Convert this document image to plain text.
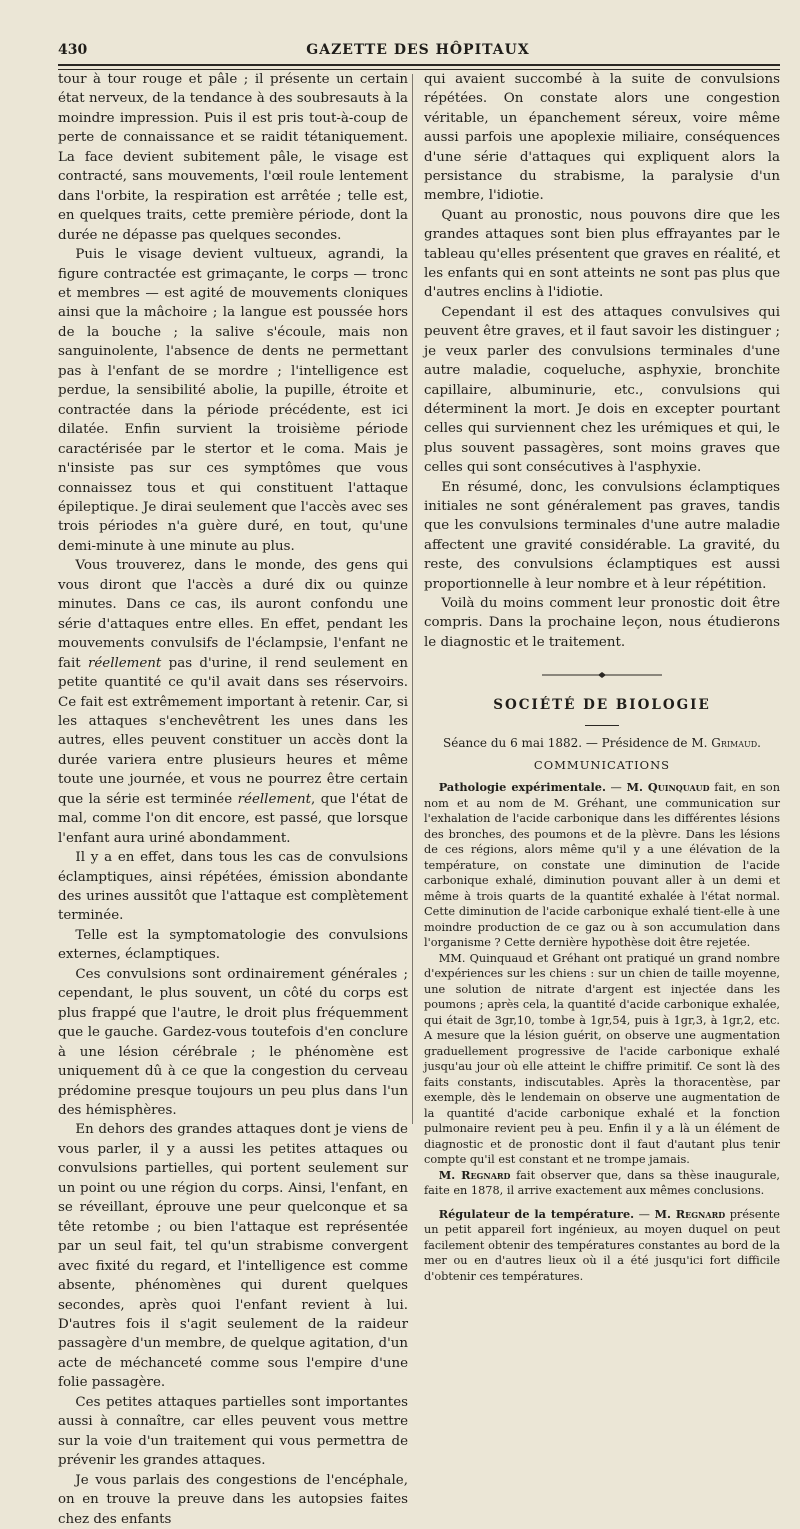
430	GAZETTE DES HÔPITAUX

tour à tour rouge et pâle ; il présente un certain état nerveux, de la tendance à des soubresauts à la moindre impression. Puis il est pris tout-à-coup de perte de connaissance et se raidit tétaniquement. La face devient subitement pâle, le visage est contracté, sans mouvements, l'œil roule lentement dans l'orbite, la respiration est arrêtée ; telle est, en quelques traits, cette première période, dont la durée ne dépasse pas quelques secondes.

Puis le visage devient vultueux, agrandi, la figure contractée est grimaçante, le corps — tronc et membres — est agité de mouvements cloniques ainsi que la mâchoire ; la langue est poussée hors de la bouche ; la salive s'écoule, mais non sanguinolente, l'absence de dents ne permettant pas à l'enfant de se mordre ; l'intelligence est perdue, la sensibilité abolie, la pupille, étroite et contractée dans la période précédente, est ici dilatée. Enfin survient la troisième période caractérisée par le stertor et le coma. Mais je n'insiste pas sur ces symptômes que vous connaissez tous et qui constituent l'attaque épileptique. Je dirai seulement que l'accès avec ses trois périodes n'a guère duré, en tout, qu'une demi-minute à une minute au plus.

Vous trouverez, dans le monde, des gens qui vous diront que l'accès a duré dix ou quinze minutes. Dans ce cas, ils auront confondu une série d'attaques entre elles. En effet, pendant les mouvements convulsifs de l'éclampsie, l'enfant ne fait réellement pas d'urine, il rend seulement en petite quantité ce qu'il avait dans ses réservoirs. Ce fait est extrêmement important à retenir. Car, si les attaques s'enchevêtrent les unes dans les autres, elles peuvent constituer un accès dont la durée variera entre plusieurs heures et même toute une journée, et vous ne pourrez être certain que la série est terminée réellement, que l'état de mal, comme l'on dit encore, est passé, que lorsque l'enfant aura uriné abondamment.

Il y a en effet, dans tous les cas de convulsions éclamptiques, ainsi répétées, émission abondante des urines aussitôt que l'attaque est complètement terminée.

Telle est la symptomatologie des convulsions externes, éclamptiques.

Ces convulsions sont ordinairement générales ; cependant, le plus souvent, un côté du corps est plus frappé que l'autre, le droit plus fréquemment que le gauche. Gardez-vous toutefois d'en conclure à une lésion cérébrale ; le phénomène est uniquement dû à ce que la congestion du cerveau prédomine presque toujours un peu plus dans l'un des hémisphères.

En dehors des grandes attaques dont je viens de vous parler, il y a aussi les petites attaques ou convulsions partielles, qui portent seulement sur un point ou une région du corps. Ainsi, l'enfant, en se réveillant, éprouve une peur quelconque et sa tête retombe ; ou bien l'attaque est représentée par un seul fait, tel qu'un strabisme convergent avec fixité du regard, et l'intelligence est comme absente, phénomènes qui durent quelques secondes, après quoi l'enfant revient à lui. D'autres fois il s'agit seulement de la raideur passagère d'un membre, de quelque agitation, d'un acte de méchanceté comme sous l'empire d'une folie passagère.

Ces petites attaques partielles sont importantes aussi à connaître, car elles peuvent vous mettre sur la voie d'un traitement qui vous permettra de prévenir les grandes attaques.

Je vous parlais des congestions de l'encéphale, on en trouve la preuve dans les autopsies faites chez des enfants

qui avaient succombé à la suite de convulsions répétées. On constate alors une congestion véritable, un épanchement séreux, voire même aussi parfois une apoplexie miliaire, conséquences d'une série d'attaques qui expliquent alors la persistance du strabisme, la paralysie d'un membre, l'idiotie.

Quant au pronostic, nous pouvons dire que les grandes attaques sont bien plus effrayantes par le tableau qu'elles présentent que graves en réalité, et les enfants qui en sont atteints ne sont pas plus que d'autres enclins à l'idiotie.

Cependant il est des attaques convulsives qui peuvent être graves, et il faut savoir les distinguer ; je veux parler des convulsions terminales d'une autre maladie, coqueluche, asphyxie, bronchite capillaire, albuminurie, etc., convulsions qui déterminent la mort. Je dois en excepter pourtant celles qui surviennent chez les urémiques et qui, le plus souvent passagères, sont moins graves que celles qui sont consécutives à l'asphyxie.

En résumé, donc, les convulsions éclamptiques initiales ne sont généralement pas graves, tandis que les convulsions terminales d'une autre maladie affectent une gravité considérable. La gravité, du reste, des convulsions éclamptiques est aussi proportionnelle à leur nombre et à leur répétition.

Voilà du moins comment leur pronostic doit être compris. Dans la prochaine leçon, nous étudierons le diagnostic et le traitement.

SOCIÉTÉ DE BIOLOGIE
Séance du 6 mai 1882. — Présidence de M. Grimaud.
COMMUNICATIONS

Pathologie expérimentale. — M. Quinquaud fait, en son nom et au nom de M. Gréhant, une communication sur l'exhalation de l'acide carbonique dans les différentes lésions des bronches, des poumons et de la plèvre. Dans les lésions de ces régions, alors même qu'il y a une élévation de la température, on constate une diminution de l'acide carbonique exhalé, diminution pouvant aller à un demi et même à trois quarts de la quantité exhalée à l'état normal. Cette diminution de l'acide carbonique exhalé tient-elle à une moindre production de ce gaz ou à son accumulation dans l'organisme ? Cette dernière hypothèse doit être rejetée.

MM. Quinquaud et Gréhant ont pratiqué un grand nombre d'expériences sur les chiens : sur un chien de taille moyenne, une solution de nitrate d'argent est injectée dans les poumons ; après cela, la quantité d'acide carbonique exhalée, qui était de 3gr,10, tombe à 1gr,54, puis à 1gr,3, à 1gr,2, etc. A mesure que la lésion guérit, on observe une augmentation graduellement progressive de l'acide carbonique exhalé jusqu'au jour où elle atteint le chiffre primitif. Ce sont là des faits constants, indiscutables. Après la thoracentèse, par exemple, dès le lendemain on observe une augmentation de la quantité d'acide carbonique exhalé et la fonction pulmonaire revient peu à peu. Enfin il y a là un élément de diagnostic et de pronostic dont il faut d'autant plus tenir compte qu'il est constant et ne trompe jamais.

M. Regnard fait observer que, dans sa thèse inaugurale, faite en 1878, il arrive exactement aux mêmes conclusions.

Régulateur de la température. — M. Regnard présente un petit appareil fort ingénieux, au moyen duquel on peut facilement obtenir des températures constantes au bord de la mer ou en d'autres lieux où il a été jusqu'ici fort difficile d'obtenir ces températures.
